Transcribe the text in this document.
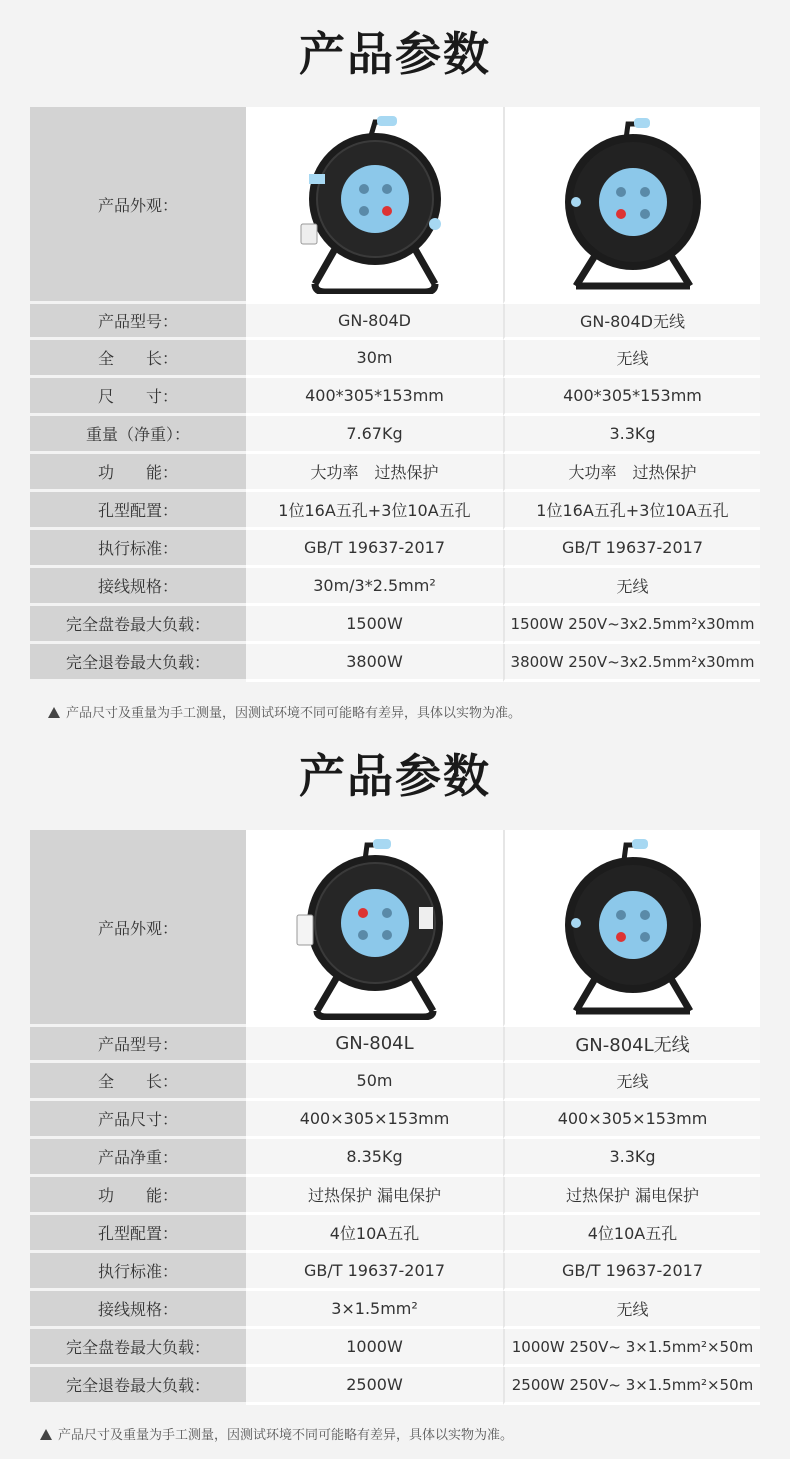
产品参数
产品外观：
产品型号：	GN-804D	GN-804D无线
全　　长：	30m	无线
尺　　寸：	400*305*153mm	400*305*153mm
重量（净重）：	7.67Kg	3.3Kg
功　　能：	大功率　过热保护	大功率　过热保护
孔型配置：	1位16A五孔+3位10A五孔	1位16A五孔+3位10A五孔
执行标准：	GB/T 19637-2017	GB/T 19637-2017
接线规格：	30m/3*2.5mm²	无线
完全盘卷最大负载：	1500W	1500W 250V~3x2.5mm²x30mm
完全退卷最大负载：	3800W	3800W 250V~3x2.5mm²x30mm
产品尺寸及重量为手工测量，因测试环境不同可能略有差异，具体以实物为准。
产品参数
产品外观：
产品型号：	GN-804L	GN-804L无线
全　　长：	50m	无线
产品尺寸：	400×305×153mm	400×305×153mm
产品净重：	8.35Kg	3.3Kg
功　　能：	过热保护 漏电保护	过热保护 漏电保护
孔型配置：	4位10A五孔	4位10A五孔
执行标准：	GB/T 19637-2017	GB/T 19637-2017
接线规格：	3×1.5mm²	无线
完全盘卷最大负载：	1000W	1000W 250V~ 3×1.5mm²×50m
完全退卷最大负载：	2500W	2500W 250V~ 3×1.5mm²×50m
产品尺寸及重量为手工测量，因测试环境不同可能略有差异，具体以实物为准。
